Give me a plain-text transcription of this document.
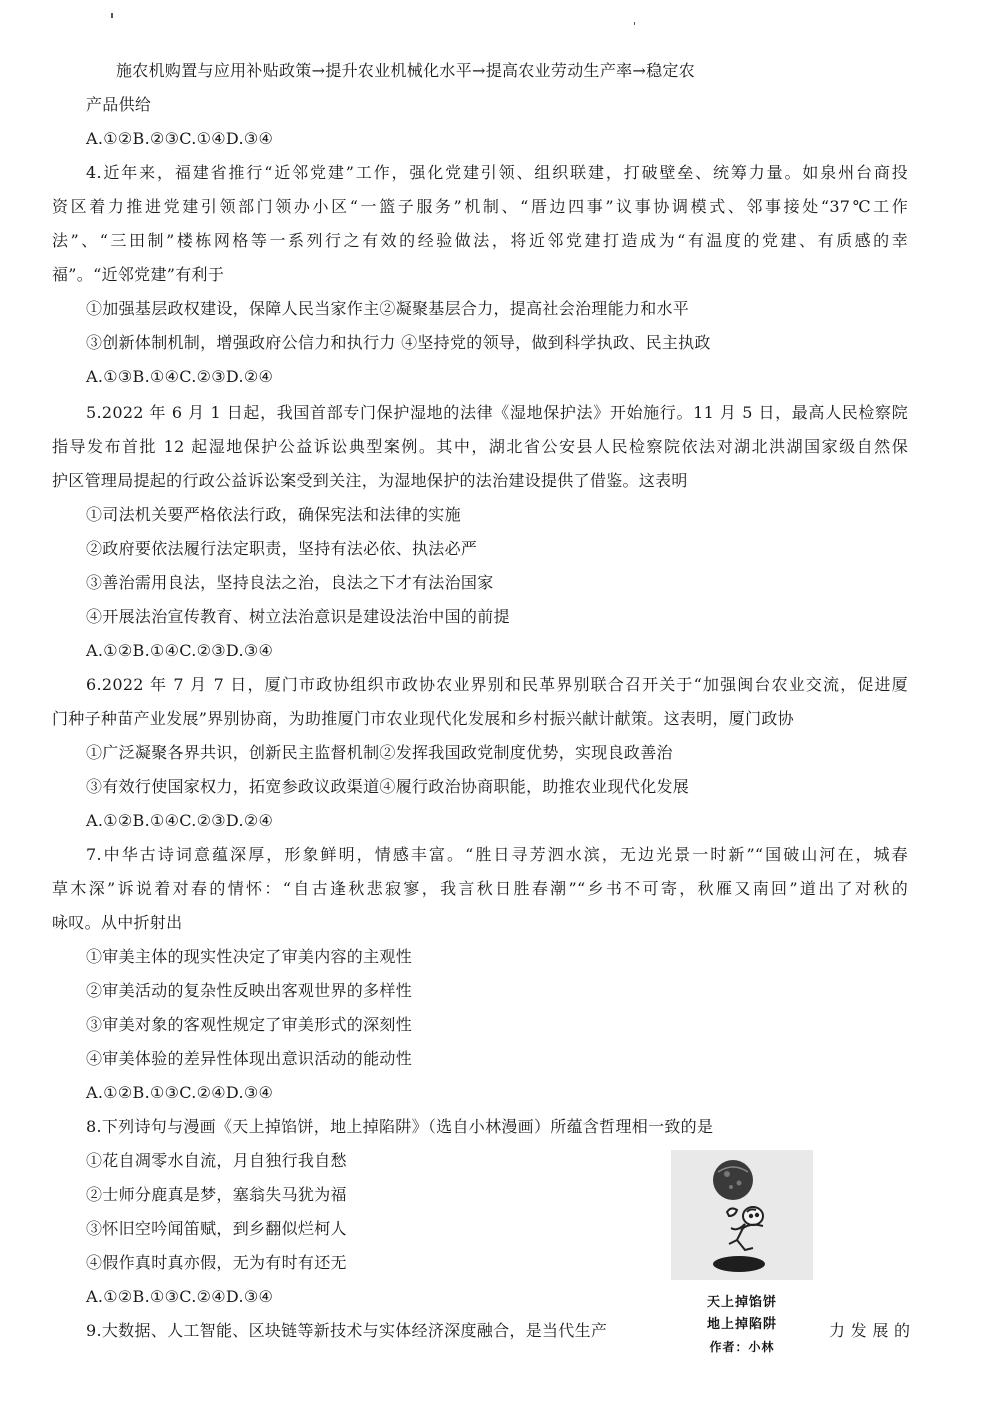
施农机购置与应用补贴政策→提升农业机械化水平→提高农业劳动生产率→稳定农
产品供给
A.①②B.②③C.①④D.③④
4.近年来，福建省推行“近邻党建”工作，强化党建引领、组织联建，打破壁垒、统筹力量。如泉州台商投
资区着力推进党建引领部门领办小区“一篮子服务”机制、“厝边四事”议事协调模式、邻事接处“37℃工作
法”、“三田制”楼栋网格等一系列行之有效的经验做法，将近邻党建打造成为“有温度的党建、有质感的幸
福”。“近邻党建”有利于
①加强基层政权建设，保障人民当家作主②凝聚基层合力，提高社会治理能力和水平
③创新体制机制，增强政府公信力和执行力 ④坚持党的领导，做到科学执政、民主执政
A.①③B.①④C.②③D.②④
5.2022 年 6 月 1 日起，我国首部专门保护湿地的法律《湿地保护法》开始施行。11 月 5 日，最高人民检察院
指导发布首批 12 起湿地保护公益诉讼典型案例。其中，湖北省公安县人民检察院依法对湖北洪湖国家级自然保
护区管理局提起的行政公益诉讼案受到关注，为湿地保护的法治建设提供了借鉴。这表明
①司法机关要严格依法行政，确保宪法和法律的实施
②政府要依法履行法定职责，坚持有法必依、执法必严
③善治需用良法，坚持良法之治，良法之下才有法治国家
④开展法治宣传教育、树立法治意识是建设法治中国的前提
A.①②B.①④C.②③D.③④
6.2022 年 7 月 7 日，厦门市政协组织市政协农业界别和民革界别联合召开关于“加强闽台农业交流，促进厦
门种子种苗产业发展”界别协商，为助推厦门市农业现代化发展和乡村振兴献计献策。这表明，厦门政协
①广泛凝聚各界共识，创新民主监督机制②发挥我国政党制度优势，实现良政善治
③有效行使国家权力，拓宽参政议政渠道④履行政治协商职能，助推农业现代化发展
A.①②B.①④C.②③D.②④
7.中华古诗词意蕴深厚，形象鲜明，情感丰富。“胜日寻芳泗水滨，无边光景一时新”“国破山河在，城春
草木深”诉说着对春的情怀：“自古逢秋悲寂寥，我言秋日胜春潮”“乡书不可寄，秋雁又南回”道出了对秋的
咏叹。从中折射出
①审美主体的现实性决定了审美内容的主观性
②审美活动的复杂性反映出客观世界的多样性
③审美对象的客观性规定了审美形式的深刻性
④审美体验的差异性体现出意识活动的能动性
A.①②B.①③C.②④D.③④
8.下列诗句与漫画《天上掉馅饼，地上掉陷阱》（选自小林漫画）所蕴含哲理相一致的是
①花自凋零水自流，月自独行我自愁
②士师分鹿真是梦，塞翁失马犹为福
③怀旧空吟闻笛赋，到乡翻似烂柯人
④假作真时真亦假，无为有时有还无
A.①②B.①③C.②④D.③④
9.大数据、人工智能、区块链等新技术与实体经济深度融合，是当代生产	力 发 展 的
天上掉馅饼
地上掉陷阱
作者：小林
